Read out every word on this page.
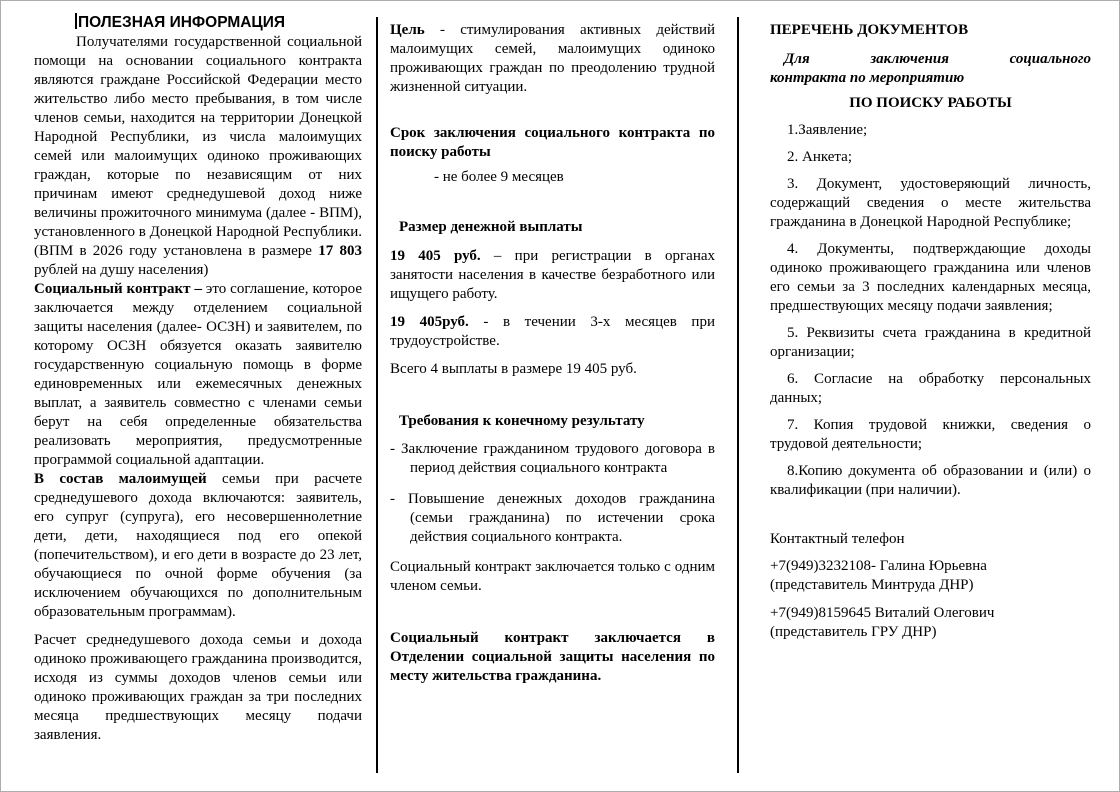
ПОЛЕЗНАЯ ИНФОРМАЦИЯ

Получателями государственной социальной помощи на основании социального контракта являются граждане Российской Федерации место жительство либо место пребывания, в том числе членов семьи, находится на территории Донецкой Народной Республики, из числа малоимущих семей или малоимущих одиноко проживающих граждан, которые по независящим от них причинам имеют среднедушевой доход ниже величины прожиточного минимума (далее - ВПМ), установленного в Донецкой Народной Республики. (ВПМ в 2026 году установлена в размере 17 803 рублей на душу населения)

Социальный контракт – это соглашение, которое заключается между отделением социальной защиты населения (далее- ОСЗН) и заявителем, по которому ОСЗН обязуется оказать заявителю государственную социальную помощь в форме единовременных или ежемесячных денежных выплат, а заявитель совместно с членами семьи берут на себя определенные обязательства реализовать мероприятия, предусмотренные программой социальной адаптации.

В состав малоимущей семьи при расчете среднедушевого дохода включаются: заявитель, его супруг (супруга), его несовершеннолетние дети, дети, находящиеся под его опекой (попечительством), и его дети в возрасте до 23 лет, обучающиеся по очной форме обучения (за исключением обучающихся по дополнительным образовательным программам).

Расчет среднедушевого дохода семьи и дохода одиноко проживающего гражданина производится, исходя из суммы доходов членов семьи или одиноко проживающих граждан за три последних месяца предшествующих месяцу подачи заявления.

Цель - стимулирования активных действий малоимущих семей, малоимущих одиноко проживающих граждан по преодолению трудной жизненной ситуации.

Срок заключения социального контракта по поиску работы

- не более 9 месяцев

Размер денежной выплаты

19 405 руб. – при регистрации в органах занятости населения в качестве безработного или ищущего работу.

19 405руб. - в течении 3-х месяцев при трудоустройстве.

Всего 4 выплаты в размере 19 405 руб.

Требования к конечному результату

- Заключение гражданином трудового договора в период действия социального контракта

- Повышение денежных доходов гражданина (семьи гражданина) по истечении срока действия социального контракта.

Социальный контракт заключается только с одним членом семьи.

Социальный контракт заключается в Отделении социальной защиты населения по месту жительства гражданина.

ПЕРЕЧЕНЬ ДОКУМЕНТОВ

Для заключения социального

контракта по мероприятию

ПО ПОИСКУ РАБОТЫ

1.Заявление;

2. Анкета;

3. Документ, удостоверяющий личность, содержащий сведения о месте жительства гражданина в Донецкой Народной Республике;

4. Документы, подтверждающие доходы одиноко проживающего гражданина или членов его семьи за 3 последних календарных месяца, предшествующих месяцу подачи заявления;

5. Реквизиты счета гражданина в кредитной организации;

6. Согласие на обработку персональных данных;

7. Копия трудовой книжки, сведения о трудовой деятельности;

8.Копию документа об образовании и (или) о квалификации (при наличии).

Контактный телефон

+7(949)3232108- Галина Юрьевна

(представитель Минтруда ДНР)

+7(949)8159645 Виталий Олегович

(представитель ГРУ ДНР)
